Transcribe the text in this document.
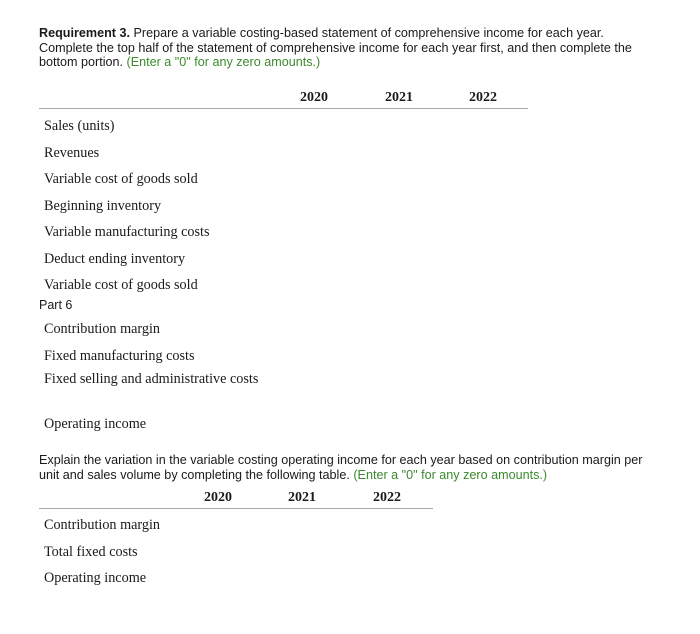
Requirement 3. Prepare a variable costing-based statement of comprehensive income for each year. Complete the top half of the statement of comprehensive income for each year first, and then complete the bottom portion. (Enter a "0" for any zero amounts.)
2020	2021	2022
Sales (units)
Revenues
Variable cost of goods sold
Beginning inventory
Variable manufacturing costs
Deduct ending inventory
Variable cost of goods sold
Part 6
Contribution margin
Fixed manufacturing costs
Fixed selling and administrative costs
Operating income
Explain the variation in the variable costing operating income for each year based on contribution margin per unit and sales volume by completing the following table. (Enter a "0" for any zero amounts.)
2020	2021	2022
Contribution margin
Total fixed costs
Operating income
